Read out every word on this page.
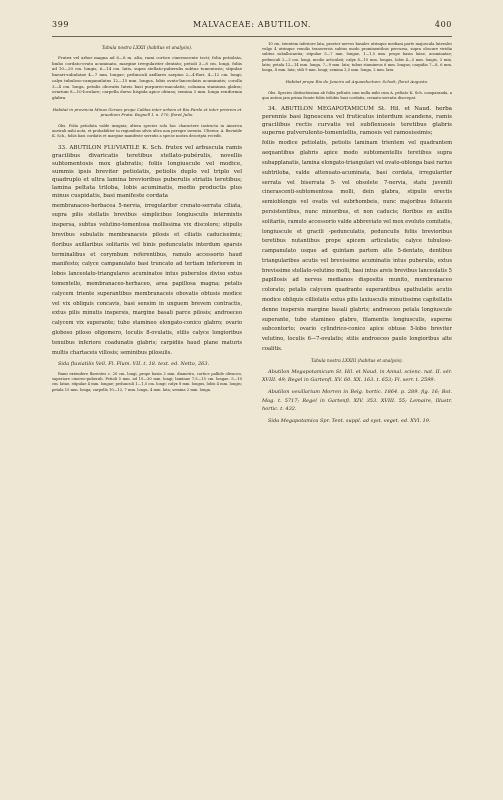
399	MALVACEAE: ABUTILON.	400
Tabula nostra LXXII (habitus et analysis).

Frutex vel arbor magna ad 6—8 m. alta, rami cortice cinerascente tecti; folia petiolata, limbo cordato-ovato acuminato, margine irregulariter dentato; petioli 3—8 cm. longi, foliis ad 10—20 cm. longis, 6—14 cm. latis, supra stellato-puberulis subtus tomentosis; stipulae lineari-subulatae 4—7 mm. longae; pedunculi axillares saepius 2—4-flori, 4—12 cm. longi; calyx tubuloso-campanulatus 12—15 mm. longus, lobis ovato-lanceolatis acuminatis; corolla 3—4 cm. longa, petalis obovatis luteis basi purpureo-maculatis; columna staminea glabra; ovarium 8—10-loculare; carpella dorso hispida apice obtusa; semina 3 mm. longa reniformia glabra.

Habitat in provincia Minas Geraes prope Caldas inter urbem et Rio Pardo et inter priorem et praedium Prata: Regnell I. n. 170, floret Julio.

Obs. Folia petiolata valde insignia; altera species sola hoc charactere instructa in America australi mihi nota, et probabiliter in regionibus silvis ultra non peregre inventa. Ulterior, A. fluviatile K. Sch., foliis basi cordatis et margine manifeste serratis a specie nostra descripta recedit.

33. ABUTILON FLUVIATILE K. Sch. frutex vel arbuscula ramis gracilibus divaricatis teretibus stellato-pubérulis, novellis subtomentosis mox glabratis; foliis longiuscule vel modice, summis ipsis breviter petiolatis, petiolis duplo vel triplo vel quadruplo et ultra lamina brevioribus puberulis striatis teretibus; lamina peltata triloba, lobis acuminatis, medio productis plus minus cuspidatis, basi manifeste cordata

membranaceo-herbacea 5-nervia, irregulariter crenato-serrata ciliata, supra pilis stellatis brevibus simplicibus longiusculis intermixtis inspersa, subtus velutino-tomentosa mollissima vix discolore; stipulis brevibus subulatis membranaceis pilosis et ciliatis caducissimis; floribus axillaribus solitariis vel binis pedunculatis interdum sparsis terminalibus et corymbum referentibus, ramulo accessorio haud manifesto; calyce campanulato basi truncato ad tertiam inferiorem in lobos lanceolato-triangulares acuminatos intus puberulos diviso extus tomentello, membranaceo-herbaceo, area papillosa magna; petalis calycem triente superantibus membranaceis obovatis obtusis modice vel vix obliquis concavis, basi sensim in unguem brevem contractis, extus pilis minutis inspersis, margine basali parce pilosis; androeceo calycem vix superante; tubo stamineo elongato-conico glabro; ovario globoso piloso oligomero, loculis 8-ovulatis, stilis calyce longioribus tenuibus inferiore coadunatis glabris; carpidiis haud plane maturis multis chartaceis villosis; seminibus pilosulis.

Sida fluviatilis Vell. Fl. Flum. VII. t. 18. text. ed. Netto, 263.

Rami extendere florentes c. 20 cm. longi, prope basin 2 mm. diametro, cortice pallide olivaceo, superiore cinereo-puberuli. Petioli 5 mm. ad 10—30 mm. longi; laminae 7,5—15 cm. longae, 5—10 cm. latae, stipulae 4 mm. longae; pedunculi 1—1,5 cm. longi; calyx 8 mm. longus, lobis 4 mm. longis; petala 15 mm. longa; carpella 10—12, 7 mm. longa, 4 mm. lata; semina 2 mm. longa.

10 cm. trientem inferiore lata, praeter nervos basales utrinque mediani parte majuscula laterales vulgo 4 utrinque venulis transversis subtus modo prominentibus percursa, supra obscure viridia subtus subalbicantia; stipulae 5—7 mm. longae, 1—1,5 mm. prope basin latae, acuminatae; pedunculi 2—3 cm. longi, medio articulati; calyx 8—10 mm. longus, lobis 4—5 mm. longis, 3 mm. latis; petala 12—14 mm. longa, 7—9 mm. lata; tubus stamineus 6 mm. longus; carpidia 7—8, 6 mm. longa, 4 mm. lata; stili 9 mm. longi; semina 2,5 mm. longa, 2 mm. lata.

Habitat prope Rio de Janeiro ad Aquaeductum: Schott, floret Augusto.

Obs. Species distinctissima ab foliis peltatis cum nulla mihi cum A. peltato K. Sch. comparanda, a qua autem jam prima fronte foliis trilobis basi cordatis, crenato-serratis discrepat.

34. ABUTILON MEGAPOTAMICUM St. Hil. et Naud. herba perennis basi lignescens vel fruticulus interdum scandens, ramis gracilibus rectis curvatis vel subflexuosis teretibus glabris superne pulverulento-tomentellis, ramosis vel ramosissimis;

foliis modice petiolatis, petiolis laminam trientem vel quadrantem aequantibus glabris apice modo subtomentellis teretibus supra subapplanatis, lamina elongato-triangulari vel ovato-oblonga basi rarius subtriloba, valde attenuato-acuminata, basi cordata, irregulariter serrata vel biserrata 5- vel obsolete 7-nervia, statu juvenili cinerascenti-subtomentosa molli, dein glabra, stipulis erectis semioblongis vel ovatis vel subrhombeis, nunc majoribus foliaceis persistentibus, nunc minoribus, et non caducis; floribus ex axillis solitariis, ramulo accessorio valde abbreviato vel mox evoluto comitatis, longiuscule et gracili -pedunculatis, pedunculis foliis brevioribus teretibus nutantibus prope apicem articulatis; calyce tubuloso-campanulato usque ad quintam partem alte 5-dentato, dentibus triangularibus acutis vel brevissime acuminatis intus puberulis, extus brevissime stellato-velutino molli, basi intus areis brevibus lanceolatis 5 papillosis ad nervos medianos dispositis munito, membranaceo colorato; petalis calycem quadrante superantibus spathulatis acutis modice obliquis cilliolatis extus pilis laxiusculis minutissime capitellatis denne inspersis margine basali glabris; androeceo petala longiuscule superante, tubo stamineo glabro, filamentis longiusculis, superne subcontorto; ovario cylindrico-conico apice obtuse 5-lobo breviter velutino, loculis 6—7-ovulatis; stilis androeceo paulo longioribus alte coalitis.

Tabula nostra LXXIII (habitus et analysis).

Abutilon Megapotamicum St. Hil. et Naud. in Annal. scienc. nat. II. sér. XVIII. 49; Regel in Gartenfl. XV. 60. XX. 163. t. 653; Fl. serr. t. 2599.

Abutilon vexillarium Morren in Belg. hortic. 1864. p. 289. fig. 16; Bot. Mag. t. 5717; Regel in Gartenfl. XIV. 353. XVIII. 55; Lemaire, Illustr. hortic. t. 432.

Sida Megapotamica Spr. Tent. suppl. ad syst. veget. ed. XVI. 19.
